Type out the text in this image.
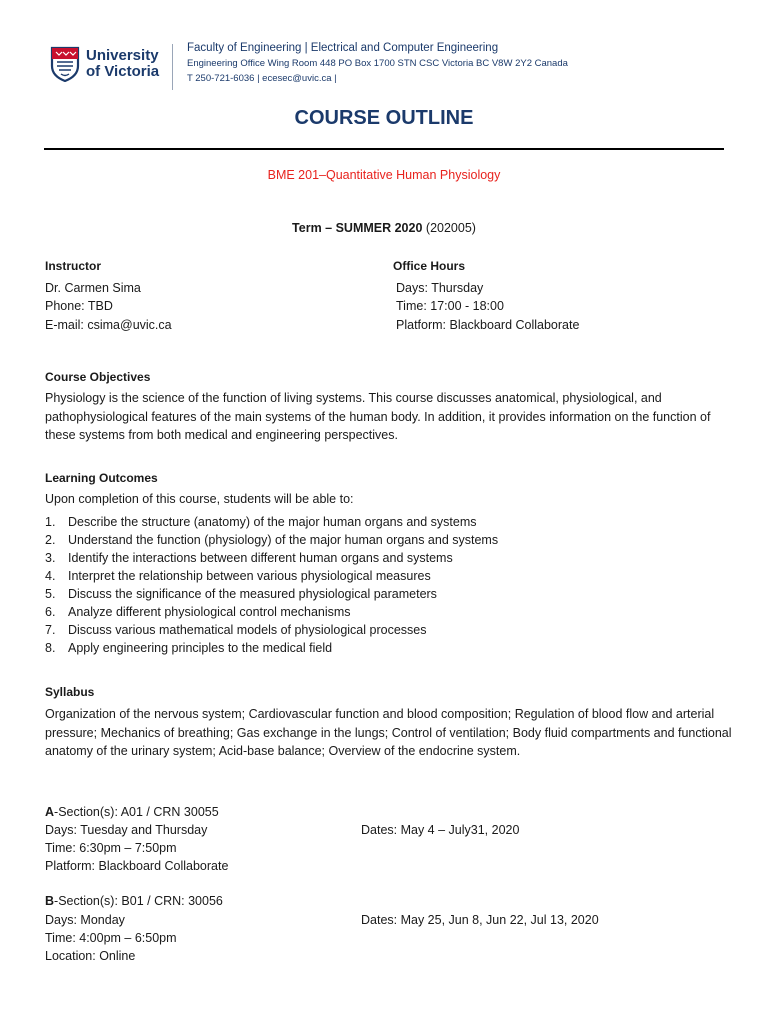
University
of Victoria
Faculty of Engineering | Electrical and Computer Engineering
Engineering Office Wing Room 448 PO Box 1700 STN CSC Victoria BC V8W 2Y2 Canada
T 250-721-6036 | ecesec@uvic.ca |
COURSE OUTLINE
BME 201–Quantitative Human Physiology
Term – SUMMER 2020 (202005)
Instructor
Dr. Carmen Sima
Phone: TBD
E-mail: csima@uvic.ca
Office Hours
Days: Thursday
Time: 17:00 - 18:00
Platform: Blackboard Collaborate
Course Objectives
Physiology is the science of the function of living systems. This course discusses anatomical, physiological, and pathophysiological features of the main systems of the human body. In addition, it provides information on the function of these systems from both medical and engineering perspectives.
Learning Outcomes
Upon completion of this course, students will be able to:
1. Describe the structure (anatomy) of the major human organs and systems
2. Understand the function (physiology) of the major human organs and systems
3. Identify the interactions between different human organs and systems
4. Interpret the relationship between various physiological measures
5. Discuss the significance of the measured physiological parameters
6. Analyze different physiological control mechanisms
7. Discuss various mathematical models of physiological processes
8. Apply engineering principles to the medical field
Syllabus
Organization of the nervous system; Cardiovascular function and blood composition; Regulation of blood flow and arterial pressure; Mechanics of breathing; Gas exchange in the lungs; Control of ventilation; Body fluid compartments and functional anatomy of the urinary system; Acid-base balance; Overview of the endocrine system.
A-Section(s): A01 / CRN 30055
Days: Tuesday and Thursday
Time: 6:30pm – 7:50pm
Platform: Blackboard Collaborate
Dates: May 4 – July31, 2020
B-Section(s): B01 / CRN: 30056
Days: Monday
Time: 4:00pm – 6:50pm
Location: Online
Dates: May 25, Jun 8, Jun 22, Jul 13, 2020
